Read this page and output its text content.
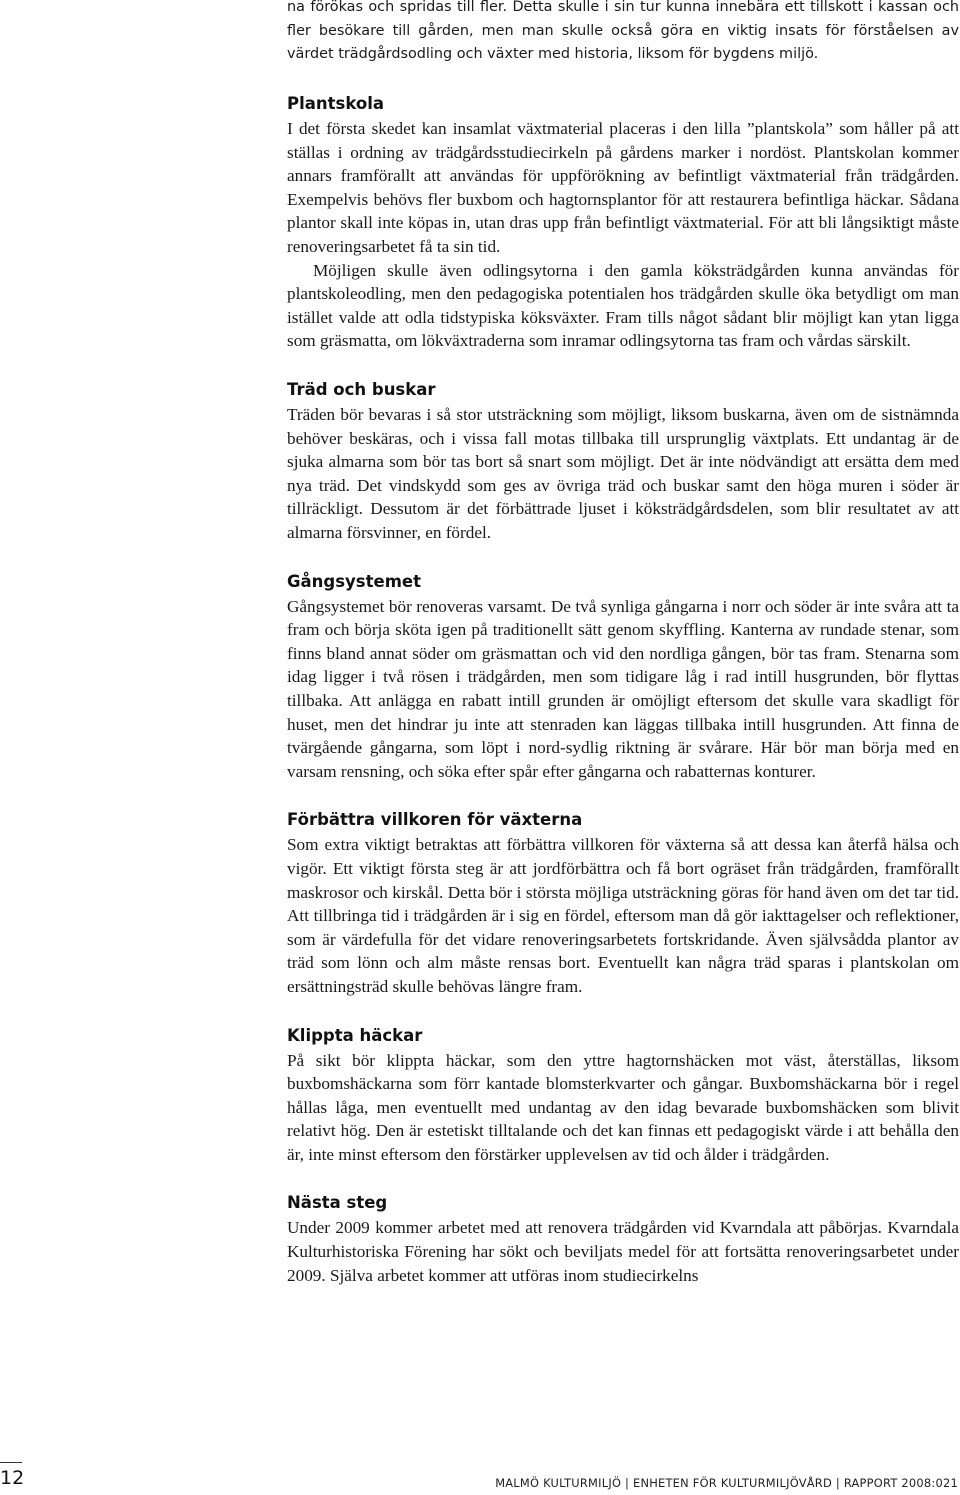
na förökas och spridas till fler. Detta skulle i sin tur kunna innebära ett tillskott i kassan och fler besökare till gården, men man skulle också göra en viktig insats för förståelsen av värdet trädgårdsodling och växter med historia, liksom för bygdens miljö.

Plantskola

I det första skedet kan insamlat växtmaterial placeras i den lilla ”plantskola” som håller på att ställas i ordning av trädgårdsstudiecirkeln på gårdens marker i nordöst. Plantskolan kommer annars framförallt att användas för uppförökning av befintligt växtmaterial från trädgården. Exempelvis behövs fler buxbom och hagtornsplantor för att restaurera befintliga häckar. Sådana plantor skall inte köpas in, utan dras upp från befintligt växtmaterial. För att bli långsiktigt måste renoveringsarbetet få ta sin tid.

Möjligen skulle även odlingsytorna i den gamla köksträdgården kunna användas för plantskoleodling, men den pedagogiska potentialen hos trädgården skulle öka betydligt om man istället valde att odla tidstypiska köksväxter. Fram tills något sådant blir möjligt kan ytan ligga som gräsmatta, om lökväxtraderna som inramar odlingsytorna tas fram och vårdas särskilt.

Träd och buskar

Träden bör bevaras i så stor utsträckning som möjligt, liksom buskarna, även om de sistnämnda behöver beskäras, och i vissa fall motas tillbaka till ursprunglig växtplats. Ett undantag är de sjuka almarna som bör tas bort så snart som möjligt. Det är inte nödvändigt att ersätta dem med nya träd. Det vindskydd som ges av övriga träd och buskar samt den höga muren i söder är tillräckligt. Dessutom är det förbättrade ljuset i köksträdgårdsdelen, som blir resultatet av att almarna försvinner, en fördel.

Gångsystemet

Gångsystemet bör renoveras varsamt. De två synliga gångarna i norr och söder är inte svåra att ta fram och börja sköta igen på traditionellt sätt genom skyffling. Kanterna av rundade stenar, som finns bland annat söder om gräsmattan och vid den nordliga gången, bör tas fram. Stenarna som idag ligger i två rösen i trädgården, men som tidigare låg i rad intill husgrunden, bör flyttas tillbaka. Att anlägga en rabatt intill grunden är omöjligt eftersom det skulle vara skadligt för huset, men det hindrar ju inte att stenraden kan läggas tillbaka intill husgrunden. Att finna de tvärgående gångarna, som löpt i nord-sydlig riktning är svårare. Här bör man börja med en varsam rensning, och söka efter spår efter gångarna och rabatternas konturer.

Förbättra villkoren för växterna

Som extra viktigt betraktas att förbättra villkoren för växterna så att dessa kan återfå hälsa och vigör. Ett viktigt första steg är att jordförbättra och få bort ogräset från trädgården, framförallt maskrosor och kirskål. Detta bör i största möjliga utsträckning göras för hand även om det tar tid. Att tillbringa tid i trädgården är i sig en fördel, eftersom man då gör iakttagelser och reflektioner, som är värdefulla för det vidare renoveringsarbetets fortskridande. Även självsådda plantor av träd som lönn och alm måste rensas bort. Eventuellt kan några träd sparas i plantskolan om ersättningsträd skulle behövas längre fram.

Klippta häckar

På sikt bör klippta häckar, som den yttre hagtornshäcken mot väst, återställas, liksom buxbomshäckarna som förr kantade blomsterkvarter och gångar. Buxbomshäckarna bör i regel hållas låga, men eventuellt med undantag av den idag bevarade buxbomshäcken som blivit relativt hög. Den är estetiskt tilltalande och det kan finnas ett pedagogiskt värde i att behålla den är, inte minst eftersom den förstärker upplevelsen av tid och ålder i trädgården.

Nästa steg

Under 2009 kommer arbetet med att renovera trädgården vid Kvarndala att påbörjas. Kvarndala Kulturhistoriska Förening har sökt och beviljats medel för att fortsätta renoveringsarbetet under 2009. Själva arbetet kommer att utföras inom studiecirkelns

12	MALMÖ KULTURMILJÖ | ENHETEN FÖR KULTURMILJÖVÅRD | RAPPORT 2008:021
